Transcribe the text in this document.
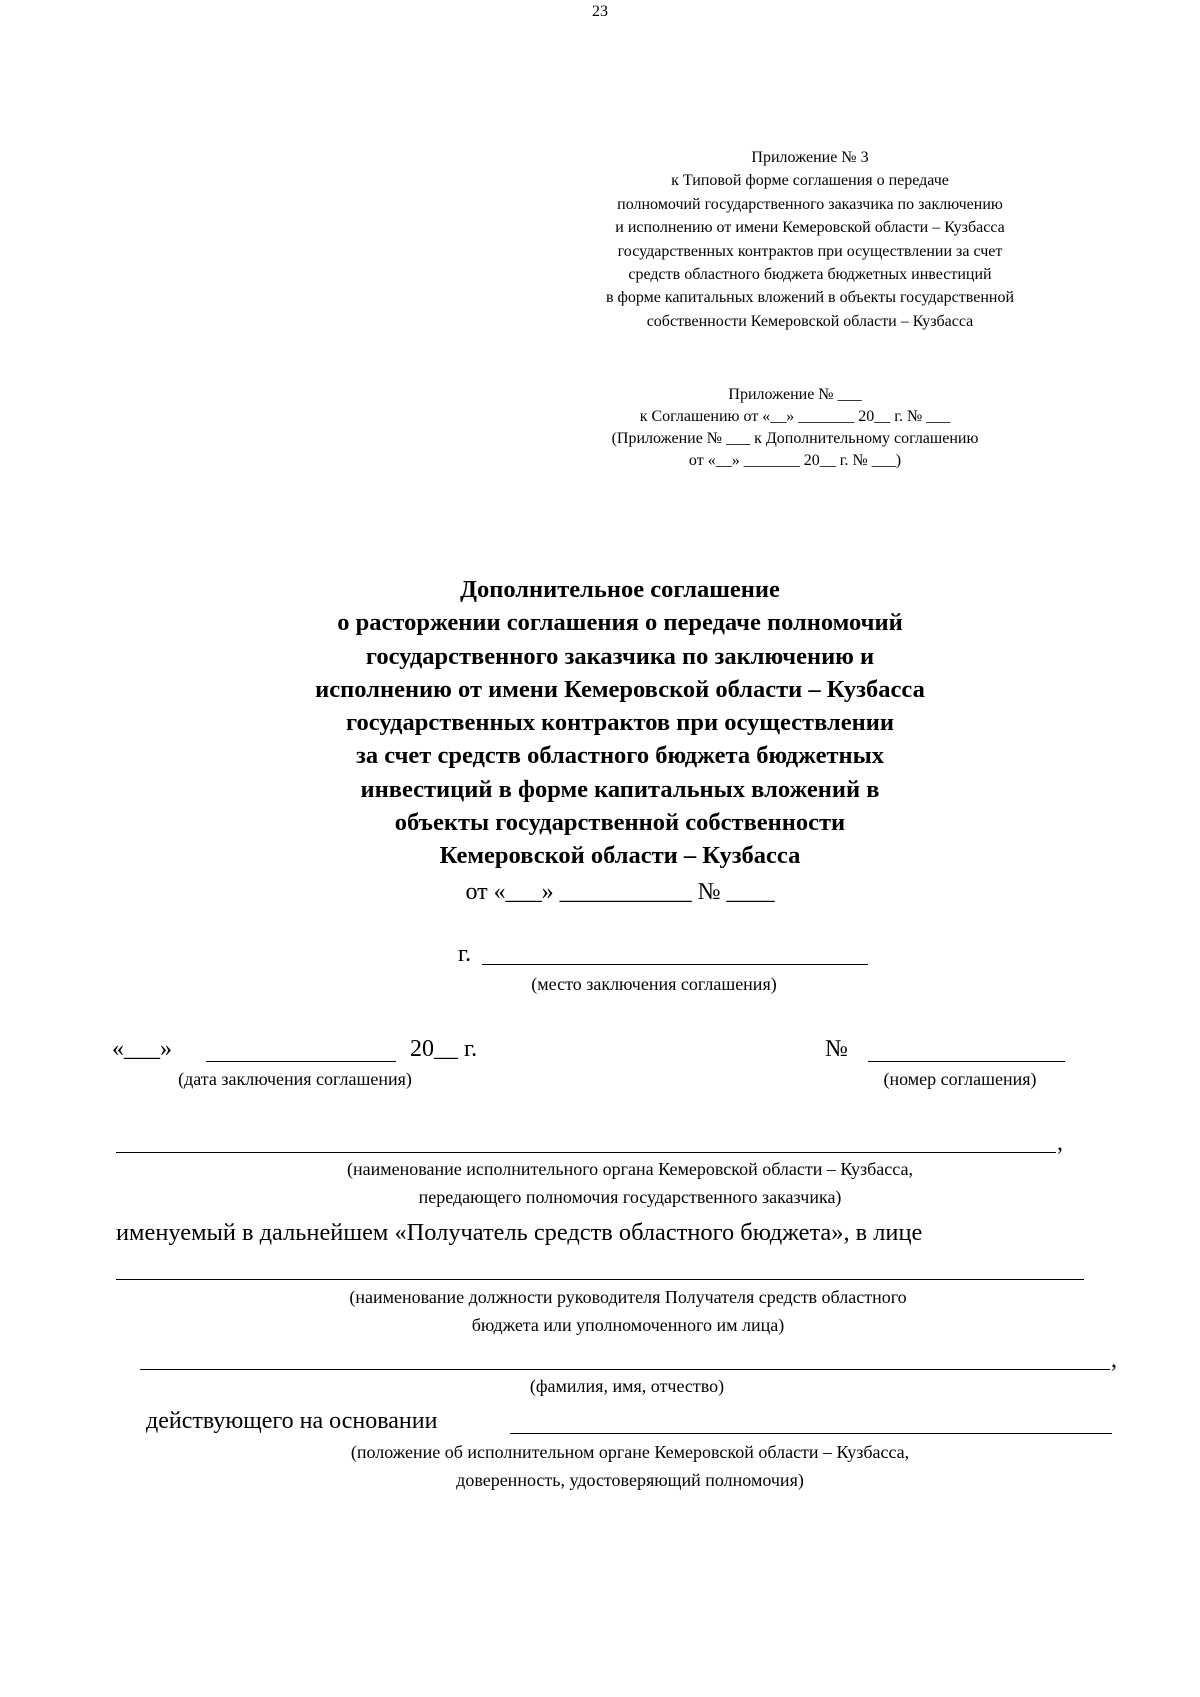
23
Приложение № 3
к Типовой форме соглашения о передаче
полномочий государственного заказчика по заключению
и исполнению от имени Кемеровской области – Кузбасса
государственных контрактов при осуществлении за счет
средств областного бюджета бюджетных инвестиций
в форме капитальных вложений в объекты государственной
собственности Кемеровской области – Кузбасса
Приложение № ___
к Соглашению от «__» _______ 20__ г. № ___
(Приложение № ___ к Дополнительному соглашению
от «__» _______ 20__ г. № ___)
Дополнительное соглашение
о расторжении соглашения о передаче полномочий
государственного заказчика по заключению и
исполнению от имени Кемеровской области – Кузбасса
государственных контрактов при осуществлении
за счет средств областного бюджета бюджетных
инвестиций в форме капитальных вложений в
объекты государственной собственности
Кемеровской области – Кузбасса
от «___» ___________ № ____
г.
(место заключения соглашения)
«___»	20__ г.
(дата заключения соглашения)
№
(номер соглашения)
,
(наименование исполнительного органа Кемеровской области – Кузбасса,
передающего полномочия государственного заказчика)
именуемый в дальнейшем «Получатель средств областного бюджета», в лице
(наименование должности руководителя Получателя средств областного
бюджета или уполномоченного им лица)
,
(фамилия, имя, отчество)
действующего на основании
(положение об исполнительном органе Кемеровской области – Кузбасса,
доверенность, удостоверяющий полномочия)
